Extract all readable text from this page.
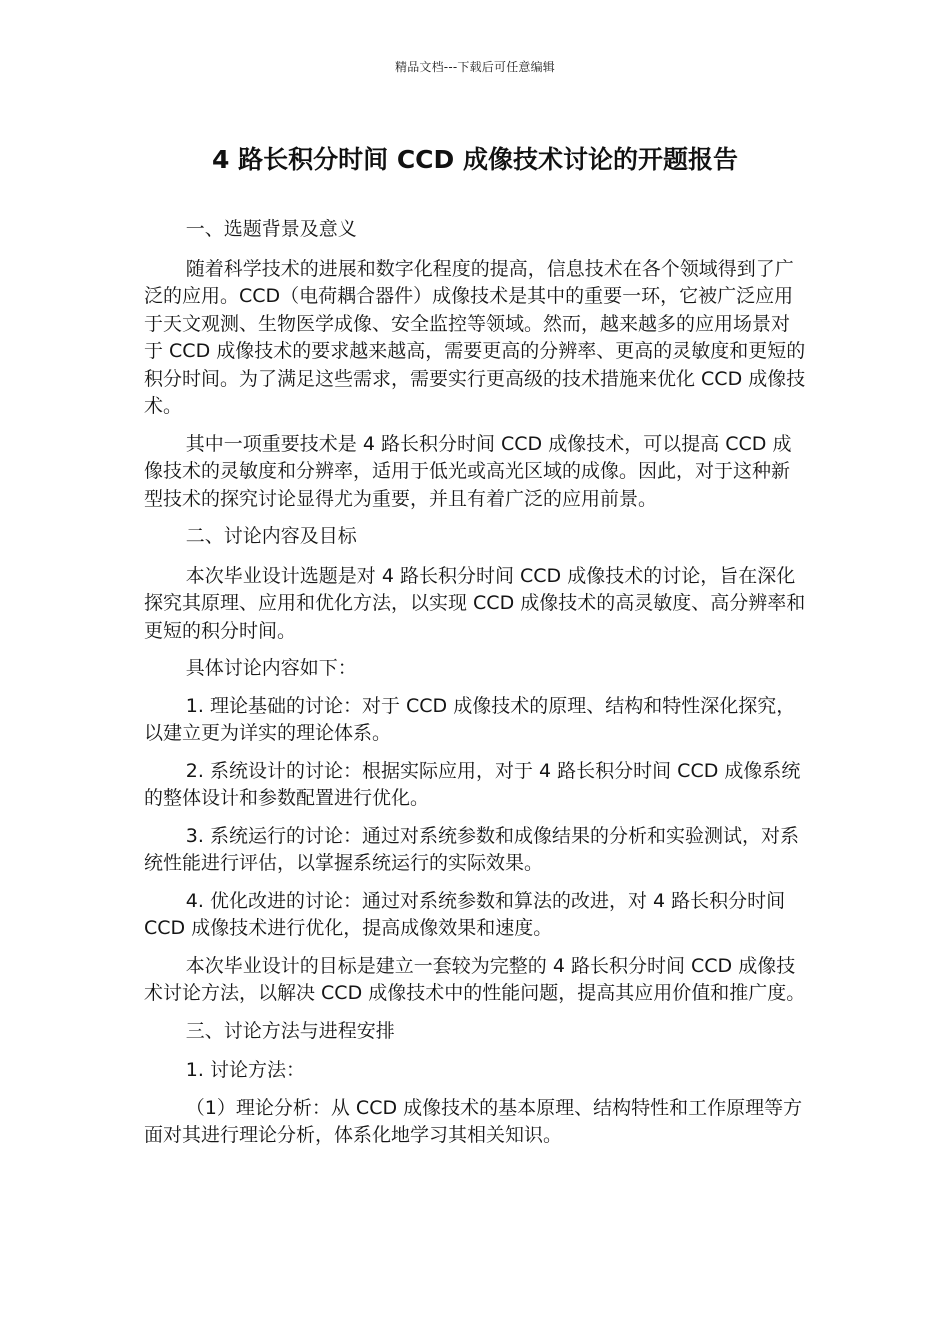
精品文档---下载后可任意编辑
4 路长积分时间 CCD 成像技术讨论的开题报告

一、选题背景及意义

随着科学技术的进展和数字化程度的提高，信息技术在各个领域得到了广泛的应用。CCD（电荷耦合器件）成像技术是其中的重要一环，它被广泛应用于天文观测、生物医学成像、安全监控等领域。然而，越来越多的应用场景对于 CCD 成像技术的要求越来越高，需要更高的分辨率、更高的灵敏度和更短的积分时间。为了满足这些需求，需要实行更高级的技术措施来优化 CCD 成像技术。

其中一项重要技术是 4 路长积分时间 CCD 成像技术，可以提高 CCD 成像技术的灵敏度和分辨率，适用于低光或高光区域的成像。因此，对于这种新型技术的探究讨论显得尤为重要，并且有着广泛的应用前景。

二、讨论内容及目标

本次毕业设计选题是对 4 路长积分时间 CCD 成像技术的讨论，旨在深化探究其原理、应用和优化方法，以实现 CCD 成像技术的高灵敏度、高分辨率和更短的积分时间。

具体讨论内容如下：

1. 理论基础的讨论：对于 CCD 成像技术的原理、结构和特性深化探究，以建立更为详实的理论体系。

2. 系统设计的讨论：根据实际应用，对于 4 路长积分时间 CCD 成像系统的整体设计和参数配置进行优化。

3. 系统运行的讨论：通过对系统参数和成像结果的分析和实验测试，对系统性能进行评估，以掌握系统运行的实际效果。

4. 优化改进的讨论：通过对系统参数和算法的改进，对 4 路长积分时间 CCD 成像技术进行优化，提高成像效果和速度。

本次毕业设计的目标是建立一套较为完整的 4 路长积分时间 CCD 成像技术讨论方法，以解决 CCD 成像技术中的性能问题，提高其应用价值和推广度。

三、讨论方法与进程安排

1. 讨论方法：

（1）理论分析：从 CCD 成像技术的基本原理、结构特性和工作原理等方面对其进行理论分析，体系化地学习其相关知识。
